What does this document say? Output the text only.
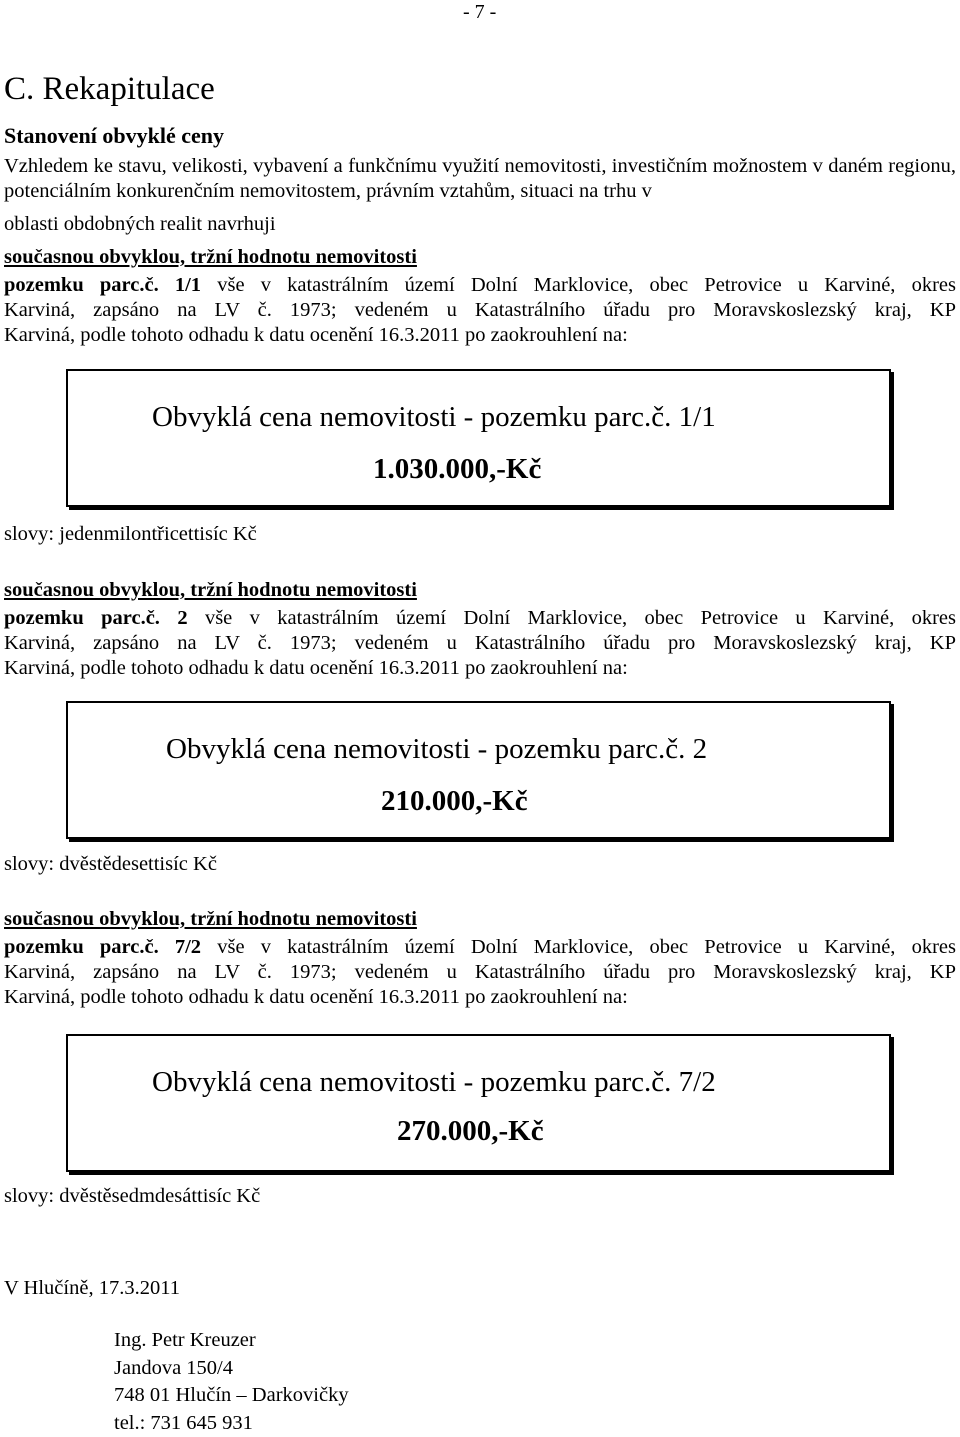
- 7 -
C. Rekapitulace
Stanovení obvyklé ceny

Vzhledem ke stavu, velikosti, vybavení a funkčnímu využití nemovitosti, investičním možnostem v daném regionu, potenciálním konkurenčním nemovitostem, právním vztahům, situaci na trhu v

oblasti obdobných realit navrhuji
současnou obvyklou, tržní hodnotu nemovitosti

pozemku parc.č. 1/1 vše v katastrálním území Dolní Marklovice, obec Petrovice u Karviné, okres

Karviná, zapsáno na LV č. 1973; vedeném u Katastrálního úřadu pro Moravskoslezský kraj, KP

Karviná, podle tohoto odhadu k datu ocenění 16.3.2011 po zaokrouhlení na:

Obvyklá cena nemovitosti - pozemku parc.č. 1/1
1.030.000,-Kč
slovy: jedenmilontřicettisíc Kč
současnou obvyklou, tržní hodnotu nemovitosti

pozemku parc.č. 2 vše v katastrálním území Dolní Marklovice, obec Petrovice u Karviné, okres

Karviná, zapsáno na LV č. 1973; vedeném u Katastrálního úřadu pro Moravskoslezský kraj, KP

Karviná, podle tohoto odhadu k datu ocenění 16.3.2011 po zaokrouhlení na:

Obvyklá cena nemovitosti - pozemku parc.č. 2
210.000,-Kč
slovy: dvěstědesettisíc Kč
současnou obvyklou, tržní hodnotu nemovitosti

pozemku parc.č. 7/2 vše v katastrálním území Dolní Marklovice, obec Petrovice u Karviné, okres

Karviná, zapsáno na LV č. 1973; vedeném u Katastrálního úřadu pro Moravskoslezský kraj, KP

Karviná, podle tohoto odhadu k datu ocenění 16.3.2011 po zaokrouhlení na:

Obvyklá cena nemovitosti - pozemku parc.č. 7/2
270.000,-Kč
slovy: dvěstěsedmdesáttisíc Kč
V Hlučíně, 17.3.2011
Ing. Petr Kreuzer
Jandova 150/4
748 01 Hlučín – Darkovičky
tel.: 731 645 931
